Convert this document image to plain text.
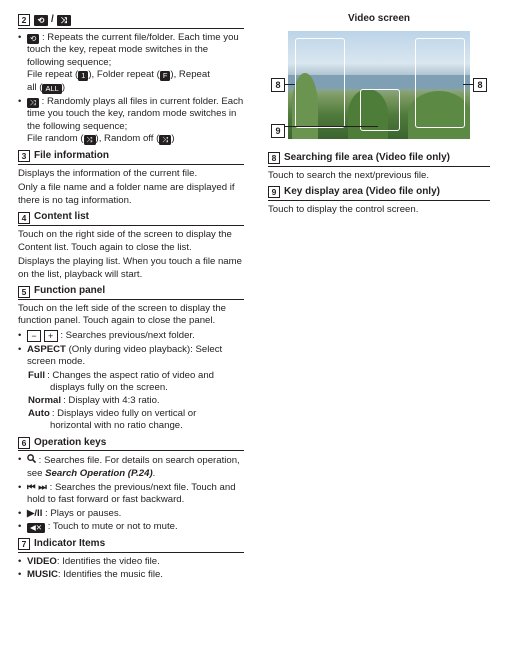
2	⟲ / ⤨
• ⟲ : Repeats the current file/folder. Each time you touch the key, repeat mode switches in the following sequence;
File repeat ( 1 ), Folder repeat ( F ), Repeat
all ( ALL )
• ⤨ : Randomly plays all files in current folder. Each time you touch the key, random mode switches in the following sequence;
File random ( ⤨ ), Random off ( ⤨ )
3 File information

Displays the information of the current file.

Only a file name and a folder name are displayed if there is no tag information.

4 Content list

Touch on the right side of the screen to display the Content list. Touch again to close the list.

Displays the playing list. When you touch a file name on the list, playback will start.

5 Function panel

Touch on the left side of the screen to display the function panel. Touch again to close the panel.

• − + : Searches previous/next folder.
• ASPECT (Only during video playback): Select screen mode.
Full : Changes the aspect ratio of video and
displays fully on the screen.
Normal : Display with 4:3 ratio.
Auto : Displays video fully on vertical or
horizontal with no ratio change.
6 Operation keys
• : Searches file. For details on search operation, see Search Operation (P.24).
• ⏮ ⏭ : Searches the previous/next file. Touch and hold to fast forward or fast backward.
• ▶/II : Plays or pauses.
• ◀✕ : Touch to mute or not to mute.
7 Indicator Items
• VIDEO: Identifies the video file.
• MUSIC: Identifies the music file.
Video screen
8	8
9
8 Searching file area (Video file only)

Touch to search the next/previous file.

9 Key display area (Video file only)

Touch to display the control screen.
